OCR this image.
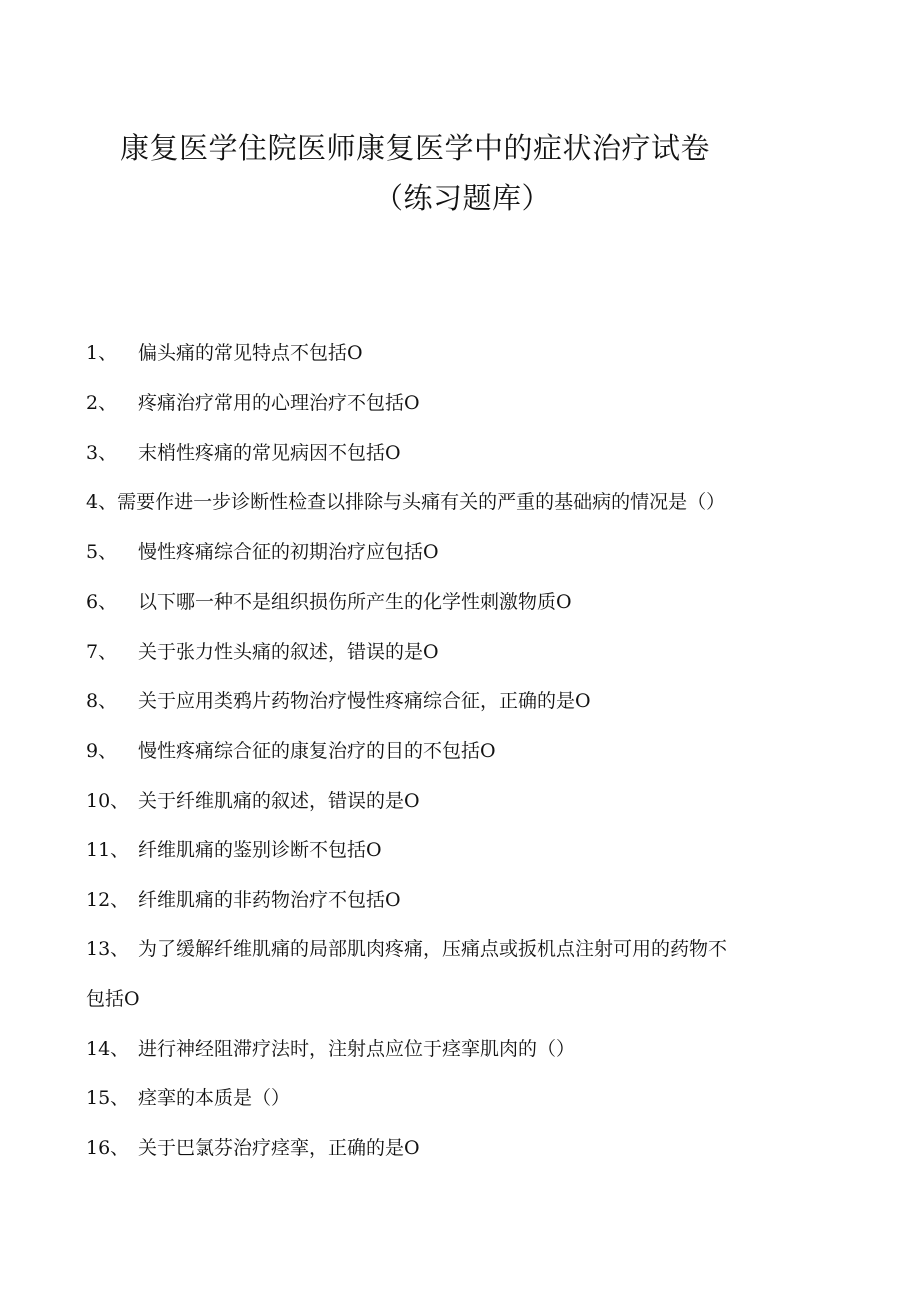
康复医学住院医师康复医学中的症状治疗试卷
（练习题库）
1、 偏头痛的常见特点不包括O
2、 疼痛治疗常用的心理治疗不包括O
3、 末梢性疼痛的常见病因不包括O
4、需要作进一步诊断性检查以排除与头痛有关的严重的基础病的情况是（）
5、 慢性疼痛综合征的初期治疗应包括O
6、 以下哪一种不是组织损伤所产生的化学性刺激物质O
7、 关于张力性头痛的叙述，错误的是O
8、 关于应用类鸦片药物治疗慢性疼痛综合征，正确的是O
9、 慢性疼痛综合征的康复治疗的目的不包括O
10、 关于纤维肌痛的叙述，错误的是O
11、 纤维肌痛的鉴别诊断不包括O
12、 纤维肌痛的非药物治疗不包括O
13、 为了缓解纤维肌痛的局部肌肉疼痛，压痛点或扳机点注射可用的药物不
包括O
14、 进行神经阻滞疗法时，注射点应位于痉挛肌肉的（）
15、 痉挛的本质是（）
16、 关于巴氯芬治疗痉挛，正确的是O
